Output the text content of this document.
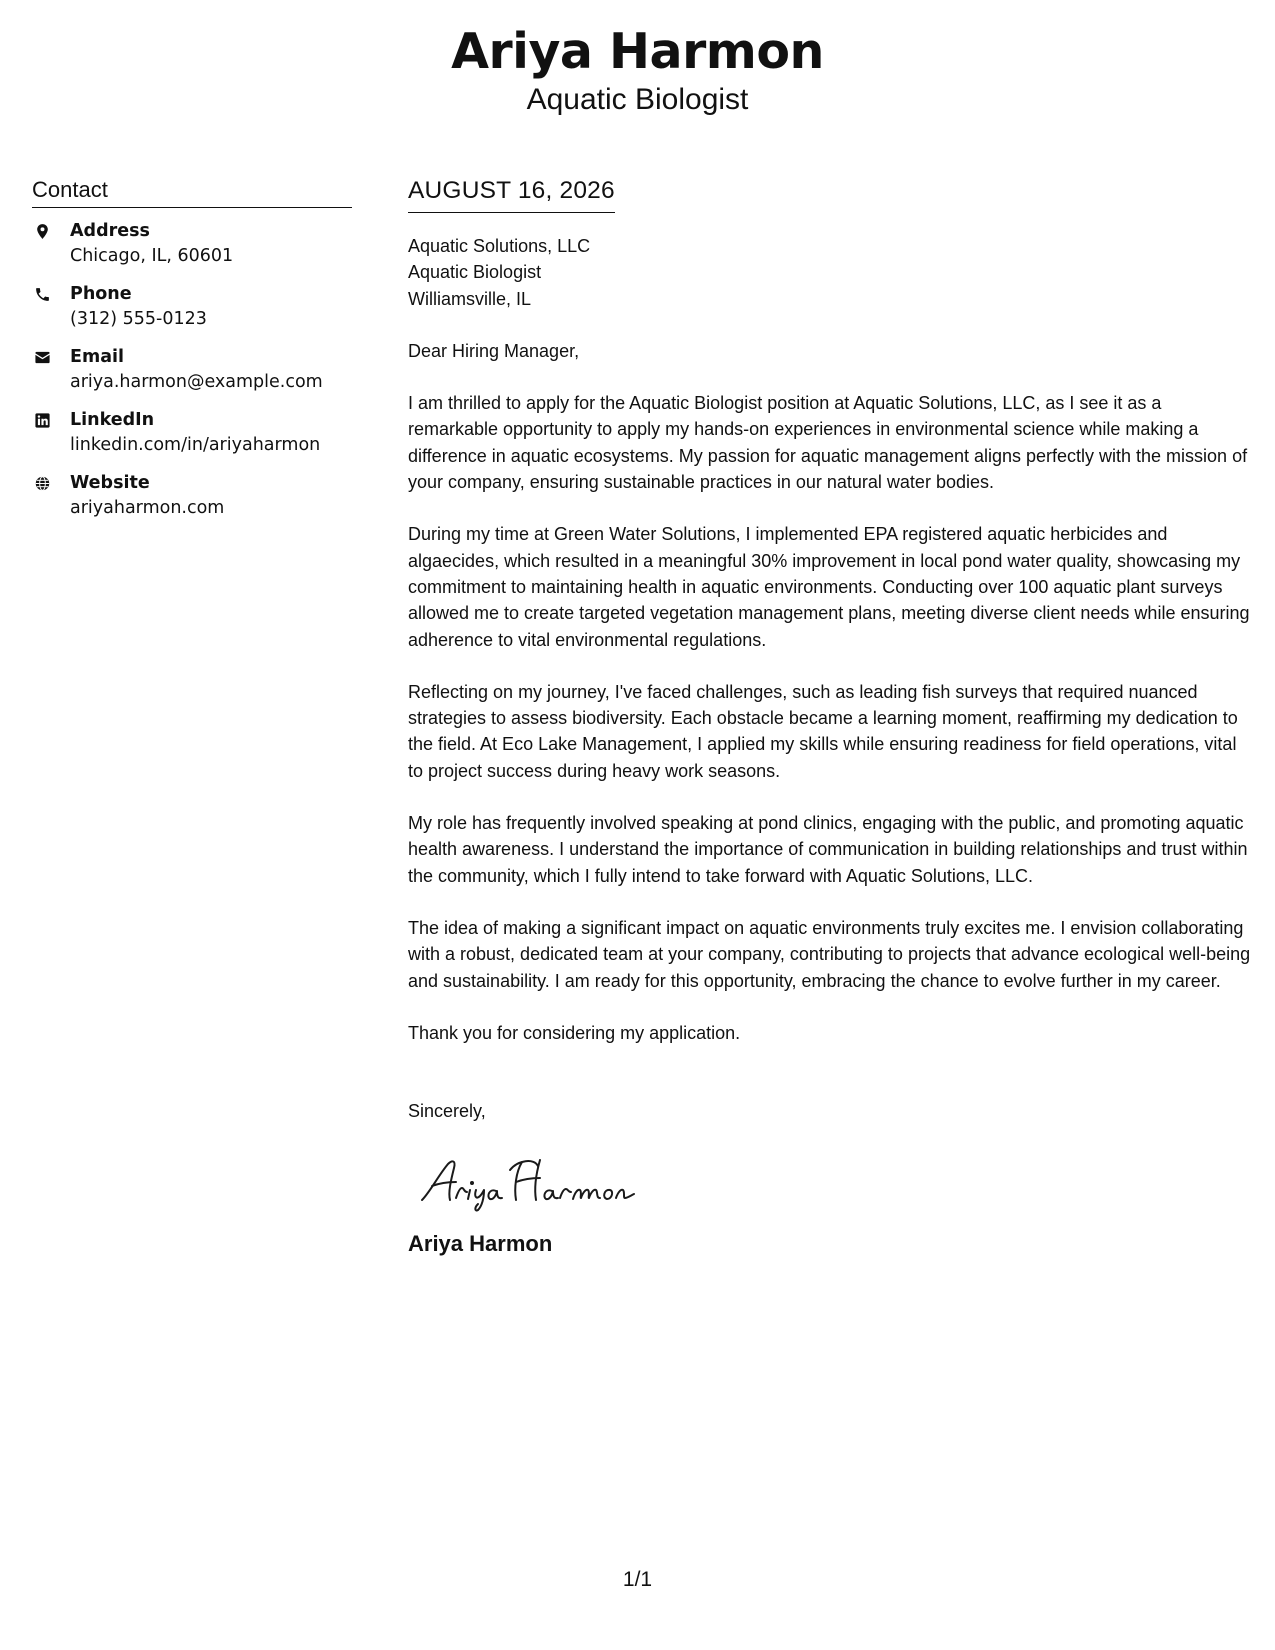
Ariya Harmon
Aquatic Biologist
Contact
Address
Chicago, IL, 60601
Phone
(312) 555-0123
Email
ariya.harmon@example.com
LinkedIn
linkedin.com/in/ariyaharmon
Website
ariyaharmon.com
AUGUST 16, 2026
Aquatic Solutions, LLC
Aquatic Biologist
Williamsville, IL
Dear Hiring Manager,

I am thrilled to apply for the Aquatic Biologist position at Aquatic Solutions, LLC, as I see it as a remarkable opportunity to apply my hands-on experiences in environmental science while making a difference in aquatic ecosystems. My passion for aquatic management aligns perfectly with the mission of your company, ensuring sustainable practices in our natural water bodies.

During my time at Green Water Solutions, I implemented EPA registered aquatic herbicides and algaecides, which resulted in a meaningful 30% improvement in local pond water quality, showcasing my commitment to maintaining health in aquatic environments. Conducting over 100 aquatic plant surveys allowed me to create targeted vegetation management plans, meeting diverse client needs while ensuring adherence to vital environmental regulations.

Reflecting on my journey, I've faced challenges, such as leading fish surveys that required nuanced strategies to assess biodiversity. Each obstacle became a learning moment, reaffirming my dedication to the field. At Eco Lake Management, I applied my skills while ensuring readiness for field operations, vital to project success during heavy work seasons.

My role has frequently involved speaking at pond clinics, engaging with the public, and promoting aquatic health awareness. I understand the importance of communication in building relationships and trust within the community, which I fully intend to take forward with Aquatic Solutions, LLC.

The idea of making a significant impact on aquatic environments truly excites me. I envision collaborating with a robust, dedicated team at your company, contributing to projects that advance ecological well-being and sustainability. I am ready for this opportunity, embracing the chance to evolve further in my career.

Thank you for considering my application.

Sincerely,
Ariya Harmon
1/1
